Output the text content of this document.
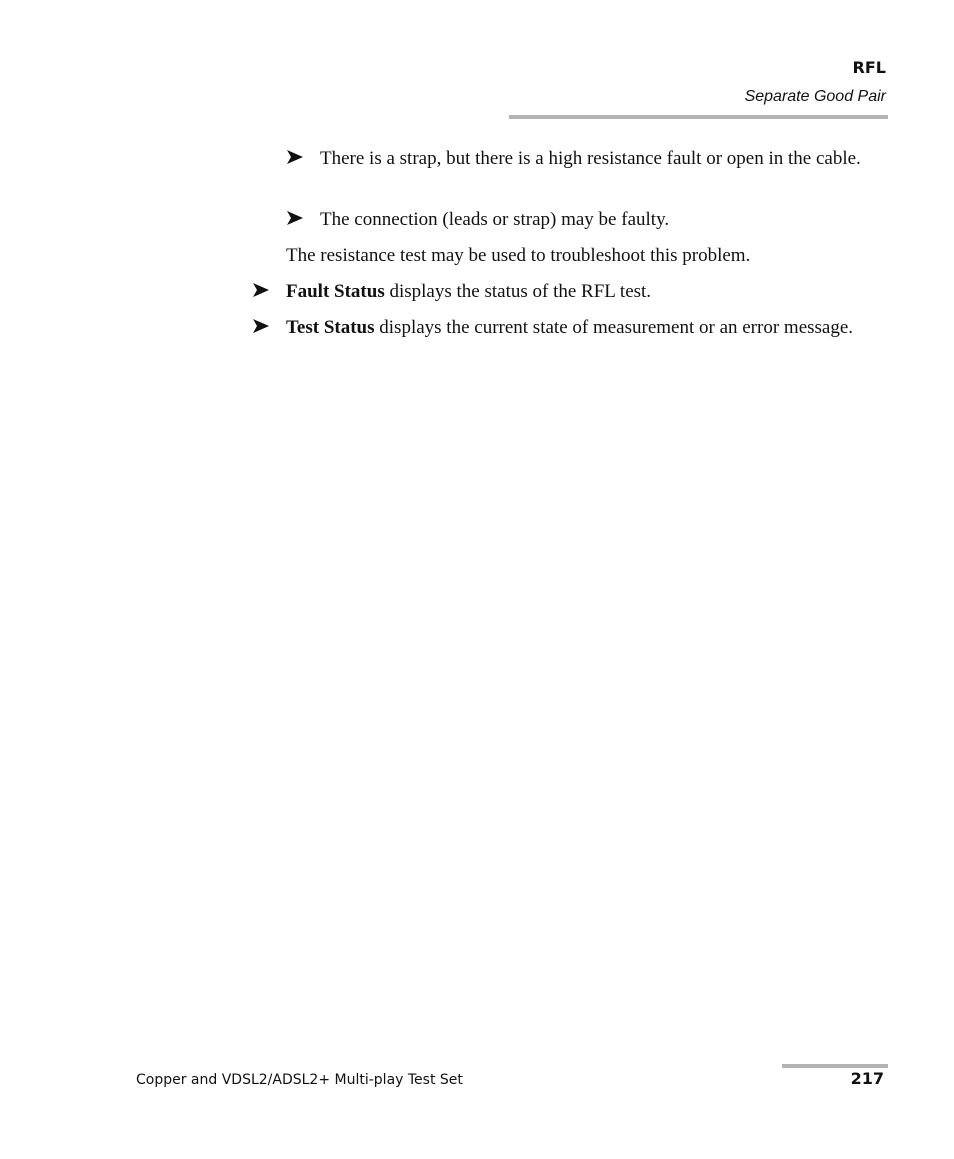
RFL
Separate Good Pair
There is a strap, but there is a high resistance fault or open in the cable.
The connection (leads or strap) may be faulty.
The resistance test may be used to troubleshoot this problem.
Fault Status displays the status of the RFL test.
Test Status displays the current state of measurement or an error message.
Copper and VDSL2/ADSL2+ Multi-play Test Set	217
